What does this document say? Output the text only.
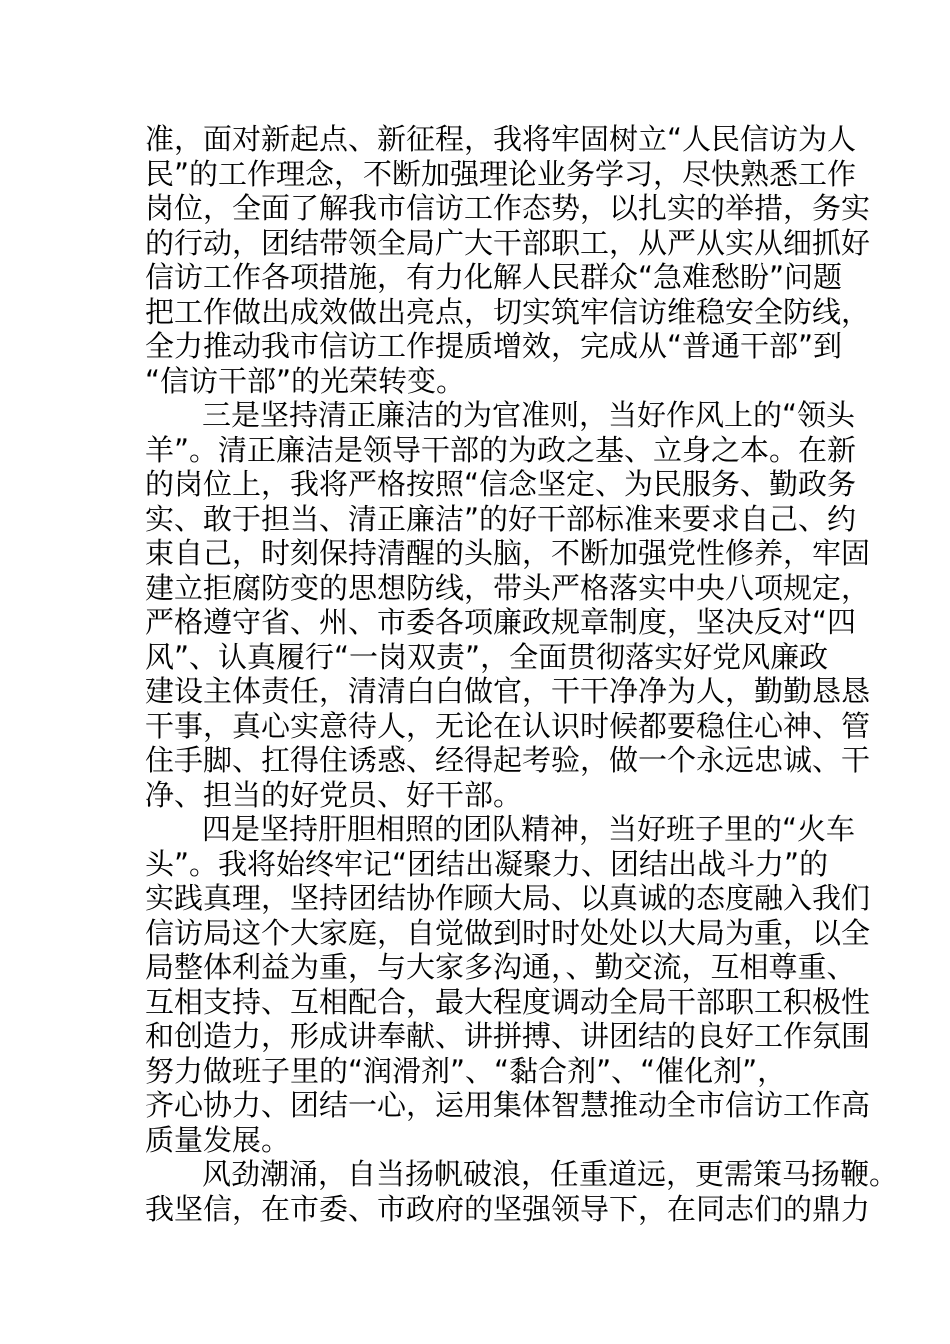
准，面对新起点、新征程，我将牢固树立“人民信访为人
民”的工作理念，不断加强理论业务学习，尽快熟悉工作
岗位，全面了解我市信访工作态势，以扎实的举措，务实
的行动，团结带领全局广大干部职工，从严从实从细抓好
信访工作各项措施，有力化解人民群众“急难愁盼”问题
把工作做出成效做出亮点，切实筑牢信访维稳安全防线，
全力推动我市信访工作提质增效，完成从“普通干部”到
“信访干部”的光荣转变。
三是坚持清正廉洁的为官准则，当好作风上的“领头
羊”。清正廉洁是领导干部的为政之基、立身之本。在新
的岗位上，我将严格按照“信念坚定、为民服务、勤政务
实、敢于担当、清正廉洁”的好干部标准来要求自己、约
束自己，时刻保持清醒的头脑，不断加强党性修养，牢固
建立拒腐防变的思想防线，带头严格落实中央八项规定，
严格遵守省、州、市委各项廉政规章制度，坚决反对“四
风”、认真履行“一岗双责”，全面贯彻落实好党风廉政
建设主体责任，清清白白做官，干干净净为人，勤勤恳恳
干事，真心实意待人，无论在认识时候都要稳住心神、管
住手脚、扛得住诱惑、经得起考验，做一个永远忠诚、干
净、担当的好党员、好干部。
四是坚持肝胆相照的团队精神，当好班子里的“火车
头”。我将始终牢记“团结出凝聚力、团结出战斗力”的
实践真理，坚持团结协作顾大局、以真诚的态度融入我们
信访局这个大家庭，自觉做到时时处处以大局为重，以全
局整体利益为重，与大家多沟通，、勤交流，互相尊重、
互相支持、互相配合，最大程度调动全局干部职工积极性
和创造力，形成讲奉献、讲拼搏、讲团结的良好工作氛围
努力做班子里的“润滑剂”、“黏合剂”、“催化剂”，
齐心协力、团结一心，运用集体智慧推动全市信访工作高
质量发展。
风劲潮涌，自当扬帆破浪，任重道远，更需策马扬鞭。
我坚信，在市委、市政府的坚强领导下，在同志们的鼎力
